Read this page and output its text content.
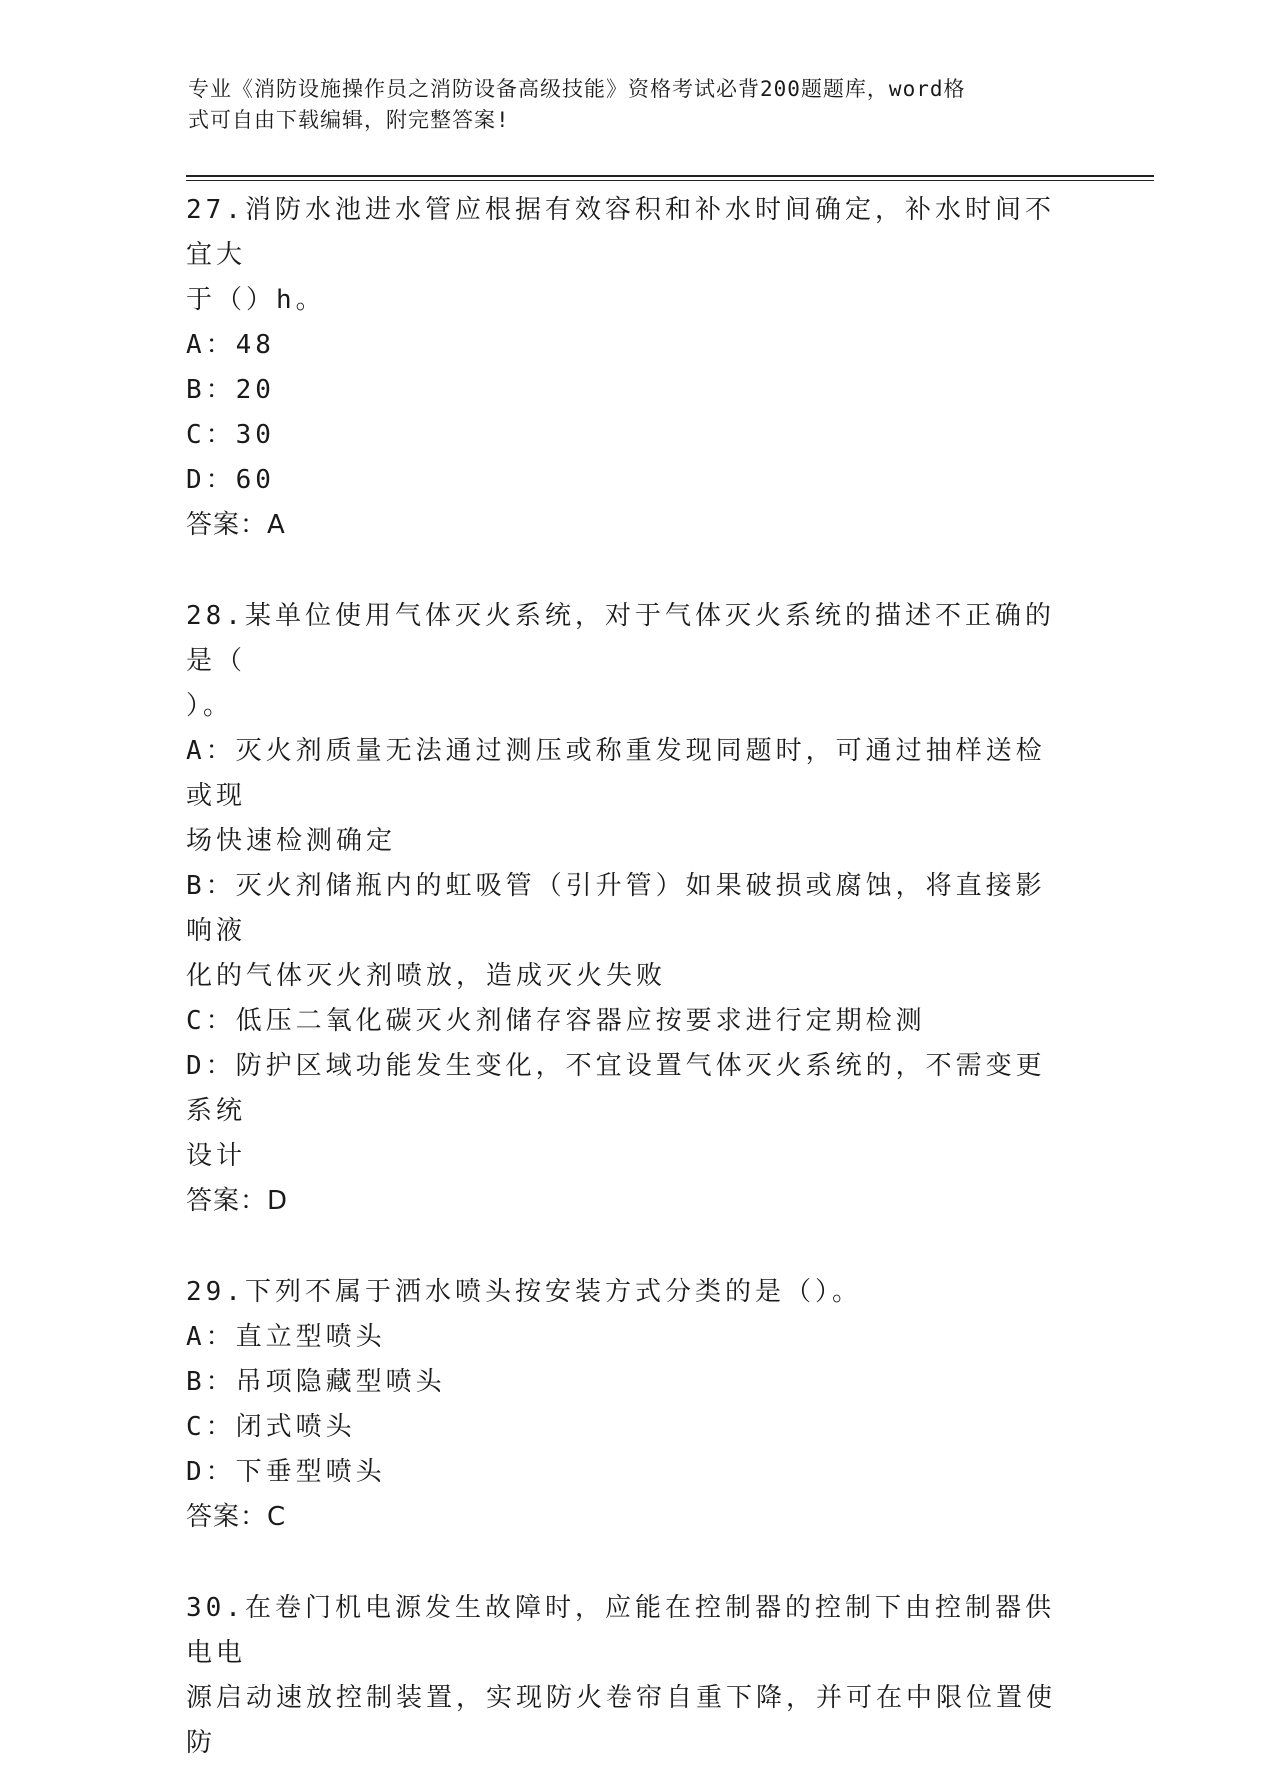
专业《消防设施操作员之消防设备高级技能》资格考试必背200题题库，word格
式可自由下载编辑，附完整答案!

27.消防水池进水管应根据有效容积和补水时间确定，补水时间不宜大

于（）h。

A：48

B：20

C：30

D：60

答案：A

28.某单位使用气体灭火系统，对于气体灭火系统的描述不正确的是（

）。

A：灭火剂质量无法通过测压或称重发现同题时，可通过抽样送检或现

场快速检测确定

B：灭火剂储瓶内的虹吸管（引升管）如果破损或腐蚀，将直接影响液

化的气体灭火剂喷放，造成灭火失败

C：低压二氧化碳灭火剂储存容器应按要求进行定期检测

D：防护区域功能发生变化，不宜设置气体灭火系统的，不需变更系统

设计

答案：D

29.下列不属于洒水喷头按安装方式分类的是（）。

A：直立型喷头

B：吊项隐藏型喷头

C：闭式喷头

D：下垂型喷头

答案：C

30.在卷门机电源发生故障时，应能在控制器的控制下由控制器供电电

源启动速放控制装置，实现防火卷帘自重下降，并可在中限位置使防
